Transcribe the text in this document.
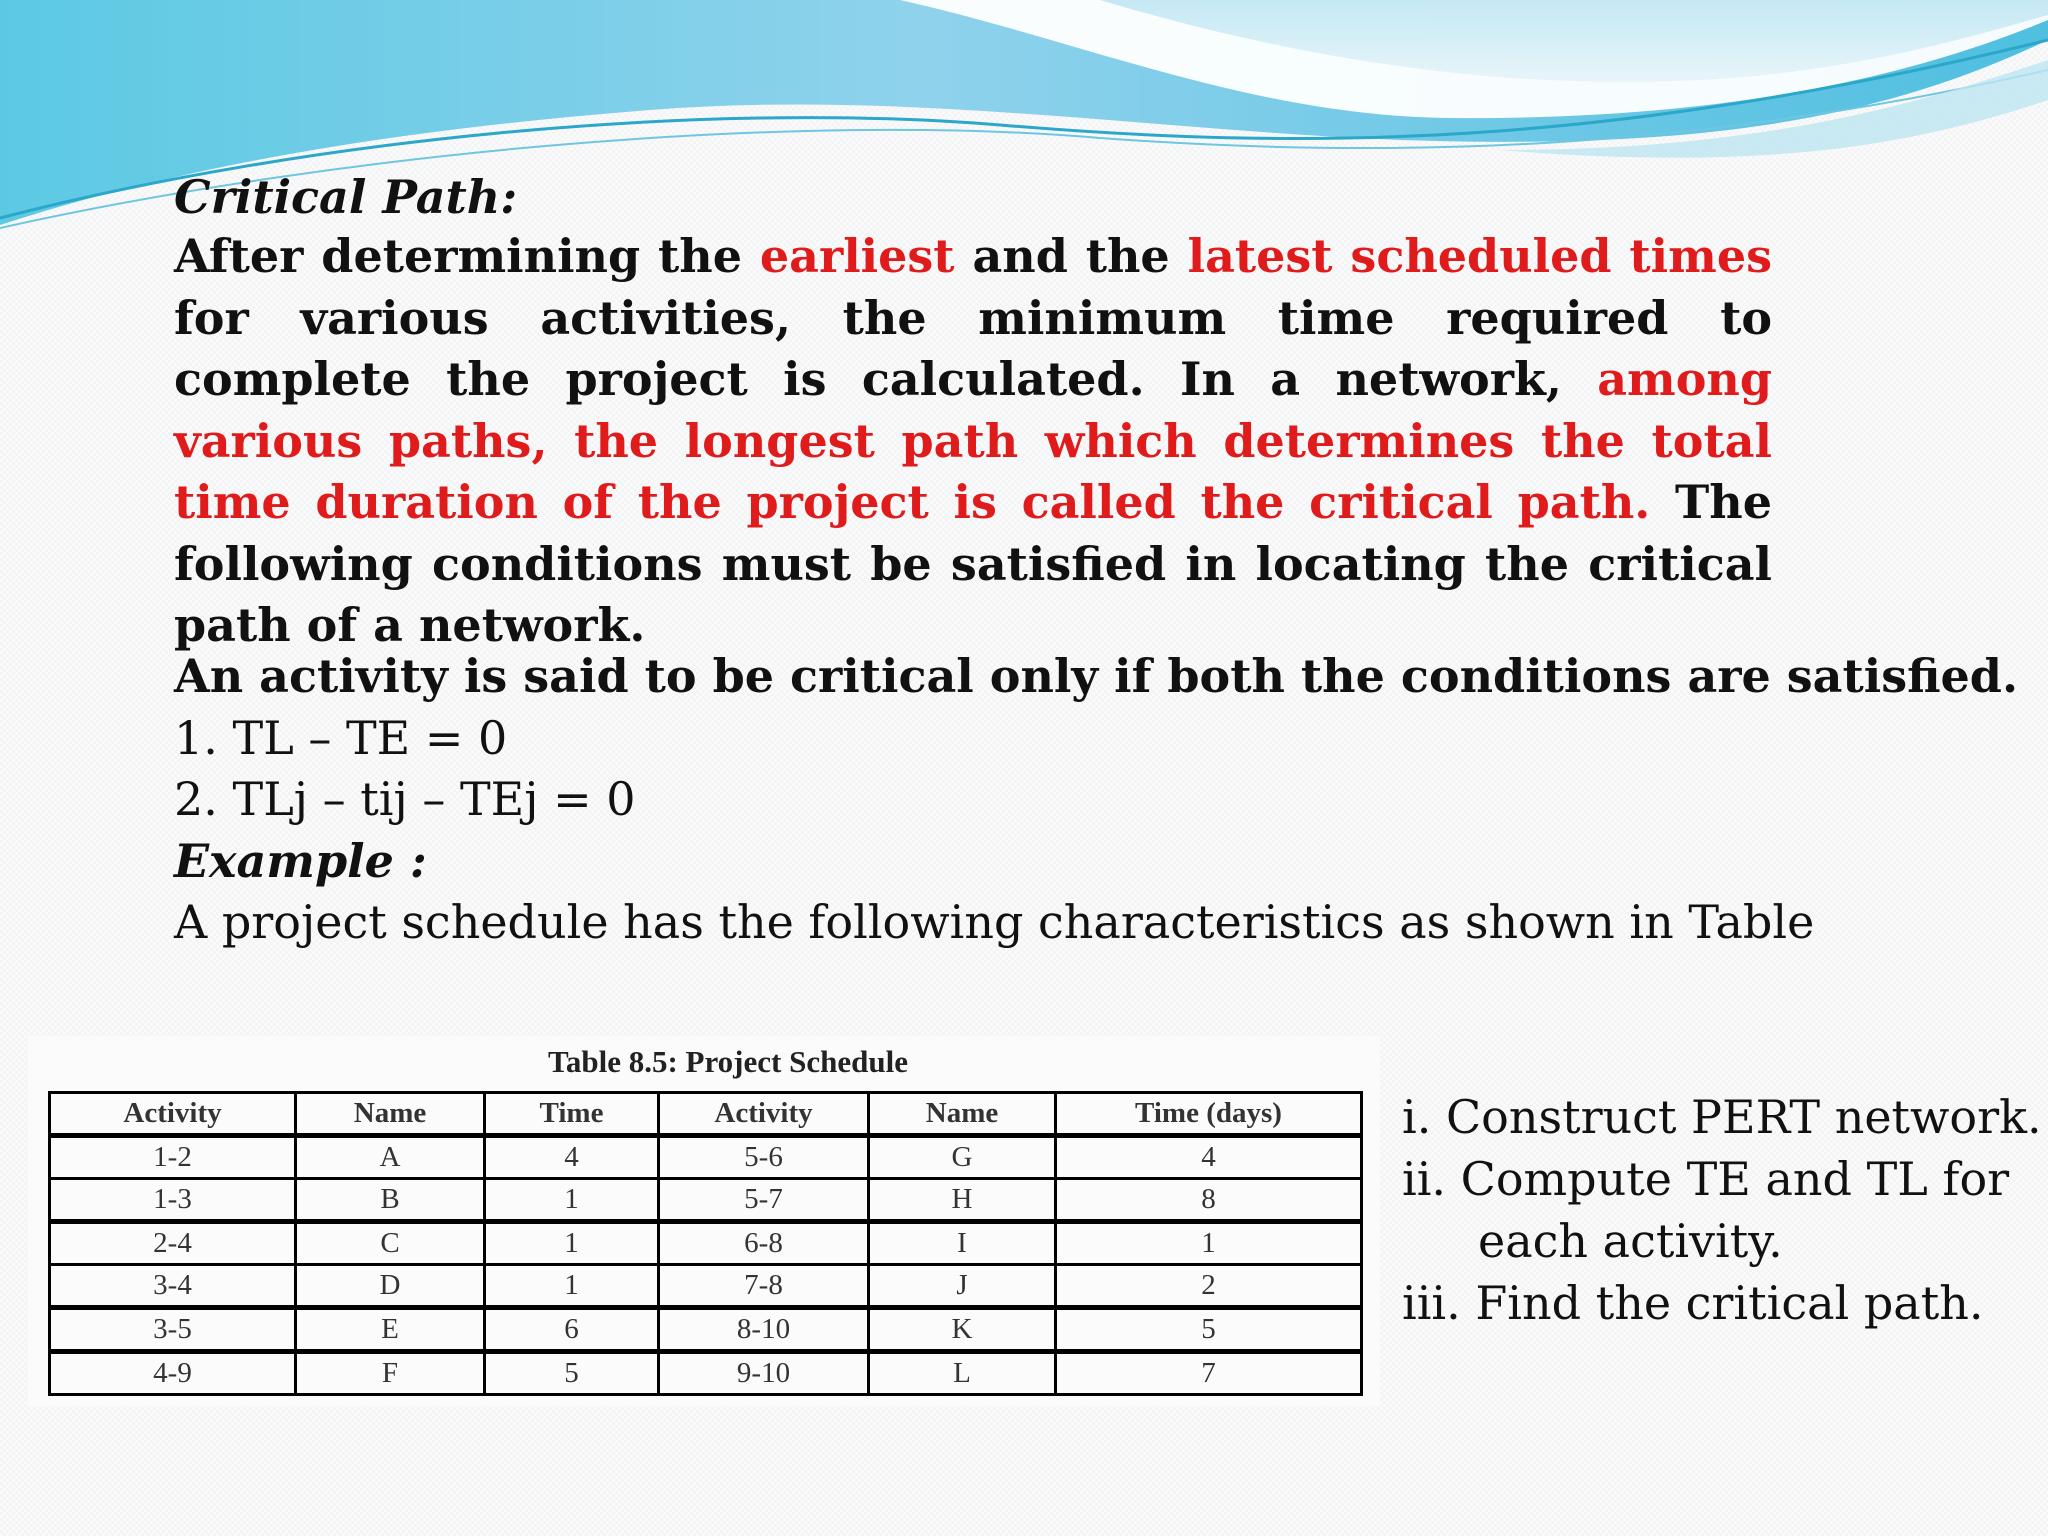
Critical Path:

After determining the earliest and the latest scheduled times for various activities, the minimum time required to complete the project is calculated. In a network, among various paths, the longest path which determines the total time duration of the project is called the critical path. The following conditions must be satisfied in locating the critical path of a network.

An activity is said to be critical only if both the conditions are satisfied.

1. TL – TE = 0

2. TLj – tij – TEj = 0

Example :

A project schedule has the following characteristics as shown in Table

Table 8.5: Project Schedule
Activity	Name	Time	Activity	Name	Time (days)
1-2	A	4	5-6	G	4
1-3	B	1	5-7	H	8
2-4	C	1	6-8	I	1
3-4	D	1	7-8	J	2
3-5	E	6	8-10	K	5
4-9	F	5	9-10	L	7

i. Construct PERT network.

ii. Compute TE and TL for

each activity.

iii. Find the critical path.
